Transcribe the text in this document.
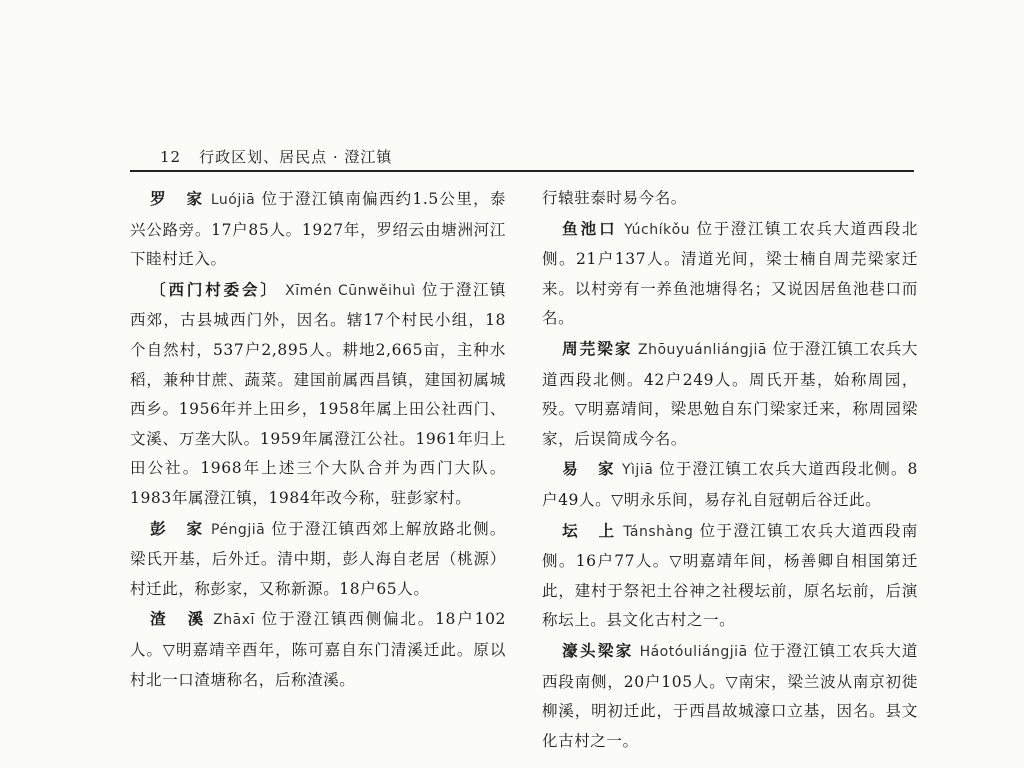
12 行政区划、居民点 · 澄江镇

罗　家 Luójiā 位于澄江镇南偏西约1.5公里，泰兴公路旁。17户85人。1927年，罗绍云由塘洲河江下睦村迁入。

〔西门村委会〕 Xīmén Cūnwěihuì 位于澄江镇西郊，古县城西门外，因名。辖17个村民小组，18个自然村，537户2,895人。耕地2,665亩，主种水稻，兼种甘蔗、蔬菜。建国前属西昌镇，建国初属城西乡。1956年并上田乡，1958年属上田公社西门、文溪、万垄大队。1959年属澄江公社。1961年归上田公社。1968年上述三个大队合并为西门大队。1983年属澄江镇，1984年改今称，驻彭家村。

彭　家 Péngjiā 位于澄江镇西郊上解放路北侧。梁氏开基，后外迁。清中期，彭人海自老居（桃源）村迁此，称彭家，又称新源。18户65人。

渣　溪 Zhāxī 位于澄江镇西侧偏北。18户102人。▽明嘉靖辛酉年，陈可嘉自东门清溪迁此。原以村北一口渣塘称名，后称渣溪。

行辕驻泰时易今名。

鱼池口 Yúchíkǒu 位于澄江镇工农兵大道西段北侧。21户137人。清道光间，梁士楠自周芫梁家迁来。以村旁有一养鱼池塘得名；又说因居鱼池巷口而名。

周芫梁家 Zhōuyuánliángjiā 位于澄江镇工农兵大道西段北侧。42户249人。周氏开基，始称周园，殁。▽明嘉靖间，梁思勉自东门梁家迁来，称周园梁家，后误简成今名。

易　家 Yìjiā 位于澄江镇工农兵大道西段北侧。8户49人。▽明永乐间，易存礼自冠朝后谷迁此。

坛　上 Tánshàng 位于澄江镇工农兵大道西段南侧。16户77人。▽明嘉靖年间，杨善卿自相国第迁此，建村于祭祀土谷神之社稷坛前，原名坛前，后演称坛上。县文化古村之一。

濠头梁家 Háotóuliángjiā 位于澄江镇工农兵大道西段南侧，20户105人。▽南宋，梁兰波从南京初徙柳溪，明初迁此，于西昌故城濠口立基，因名。县文化古村之一。
